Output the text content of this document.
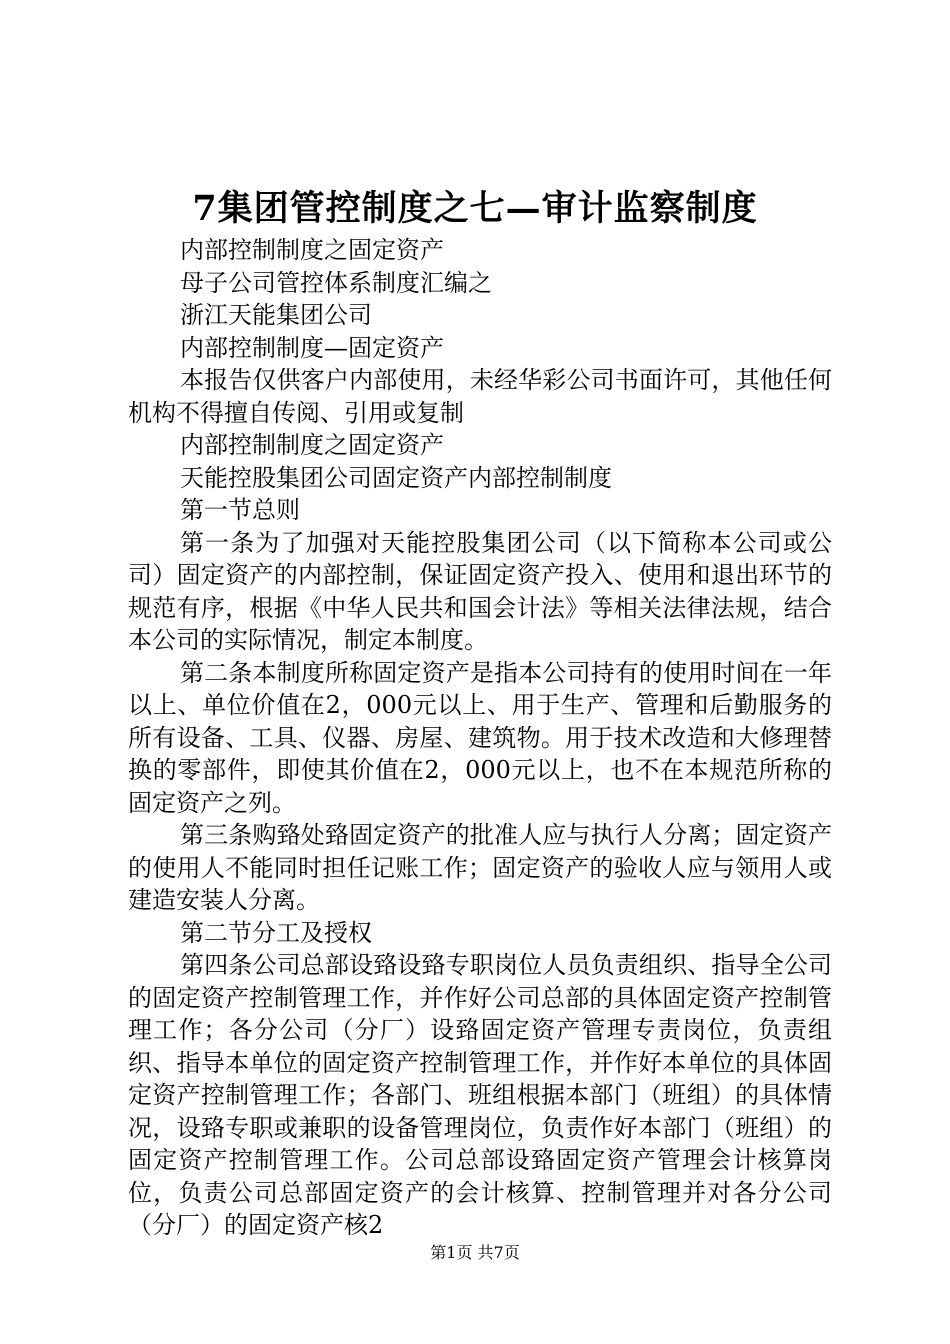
7集团管控制度之七—审计监察制度

内部控制制度之固定资产

母子公司管控体系制度汇编之

浙江天能集团公司

内部控制制度—固定资产

本报告仅供客户内部使用，未经华彩公司书面许可，其他任何机构不得擅自传阅、引用或复制

内部控制制度之固定资产

天能控股集团公司固定资产内部控制制度

第一节总则

第一条为了加强对天能控股集团公司（以下简称本公司或公司）固定资产的内部控制，保证固定资产投入、使用和退出环节的规范有序，根据《中华人民共和国会计法》等相关法律法规，结合本公司的实际情况，制定本制度。

第二条本制度所称固定资产是指本公司持有的使用时间在一年以上、单位价值在2，000元以上、用于生产、管理和后勤服务的所有设备、工具、仪器、房屋、建筑物。用于技术改造和大修理替换的零部件，即使其价值在2，000元以上，也不在本规范所称的固定资产之列。

第三条购臵处臵固定资产的批准人应与执行人分离；固定资产的使用人不能同时担任记账工作；固定资产的验收人应与领用人或建造安装人分离。

第二节分工及授权

第四条公司总部设臵设臵专职岗位人员负责组织、指导全公司的固定资产控制管理工作，并作好公司总部的具体固定资产控制管理工作；各分公司（分厂）设臵固定资产管理专责岗位，负责组织、指导本单位的固定资产控制管理工作，并作好本单位的具体固定资产控制管理工作；各部门、班组根据本部门（班组）的具体情况，设臵专职或兼职的设备管理岗位，负责作好本部门（班组）的固定资产控制管理工作。公司总部设臵固定资产管理会计核算岗位，负责公司总部固定资产的会计核算、控制管理并对各分公司（分厂）的固定资产核2

第1页 共7页
